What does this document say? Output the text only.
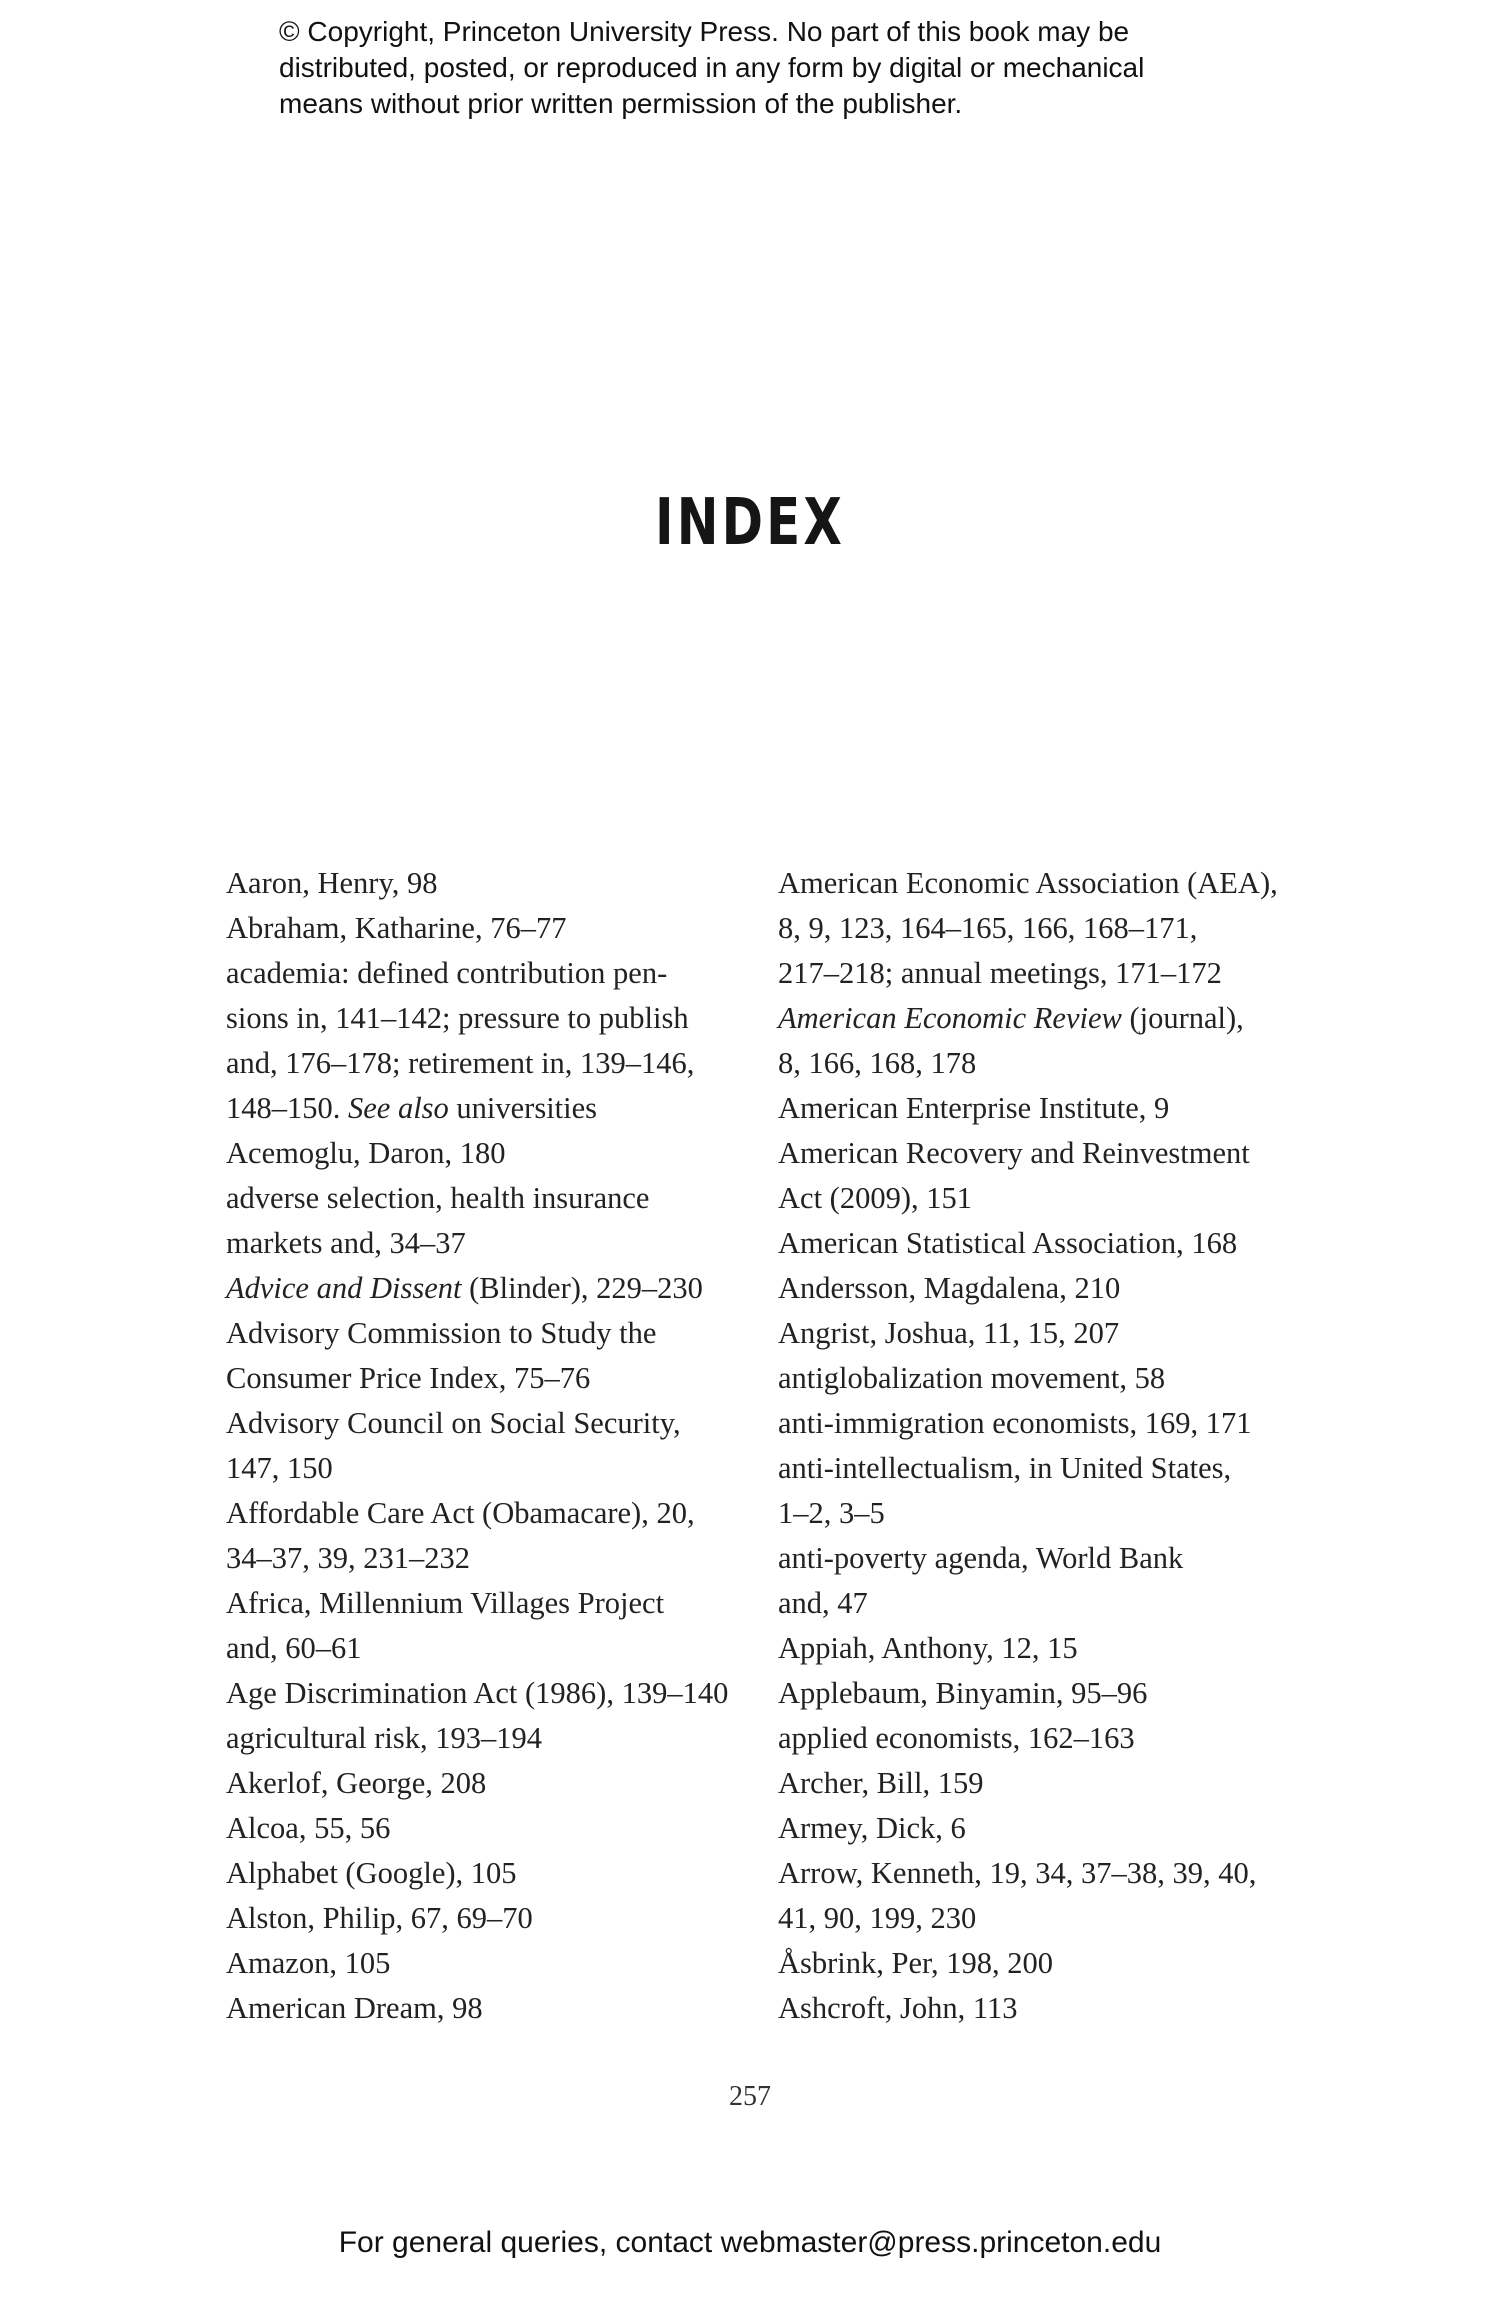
© Copyright, Princeton University Press. No part of this book may be
distributed, posted, or reproduced in any form by digital or mechanical
means without prior written permission of the publisher.
INDEX
Aaron, Henry, 98
Abraham, Katharine, 76–77
academia: defined contribution pen-
sions in, 141–142; pressure to publish
and, 176–178; retirement in, 139–146,
148–150. See also universities
Acemoglu, Daron, 180
adverse selection, health insurance
markets and, 34–37
Advice and Dissent (Blinder), 229–230
Advisory Commission to Study the
Consumer Price Index, 75–76
Advisory Council on Social Security,
147, 150
Affordable Care Act (Obamacare), 20,
34–37, 39, 231–232
Africa, Millennium Villages Project
and, 60–61
Age Discrimination Act (1986), 139–140
agricultural risk, 193–194
Akerlof, George, 208
Alcoa, 55, 56
Alphabet (Google), 105
Alston, Philip, 67, 69–70
Amazon, 105
American Dream, 98
American Economic Association (AEA),
8, 9, 123, 164–165, 166, 168–171,
217–218; annual meetings, 171–172
American Economic Review (journal),
8, 166, 168, 178
American Enterprise Institute, 9
American Recovery and Reinvestment
Act (2009), 151
American Statistical Association, 168
Andersson, Magdalena, 210
Angrist, Joshua, 11, 15, 207
antiglobalization movement, 58
anti-immigration economists, 169, 171
anti-intellectualism, in United States,
1–2, 3–5
anti-poverty agenda, World Bank
and, 47
Appiah, Anthony, 12, 15
Applebaum, Binyamin, 95–96
applied economists, 162–163
Archer, Bill, 159
Armey, Dick, 6
Arrow, Kenneth, 19, 34, 37–38, 39, 40,
41, 90, 199, 230
Åsbrink, Per, 198, 200
Ashcroft, John, 113
257
For general queries, contact webmaster@press.princeton.edu
